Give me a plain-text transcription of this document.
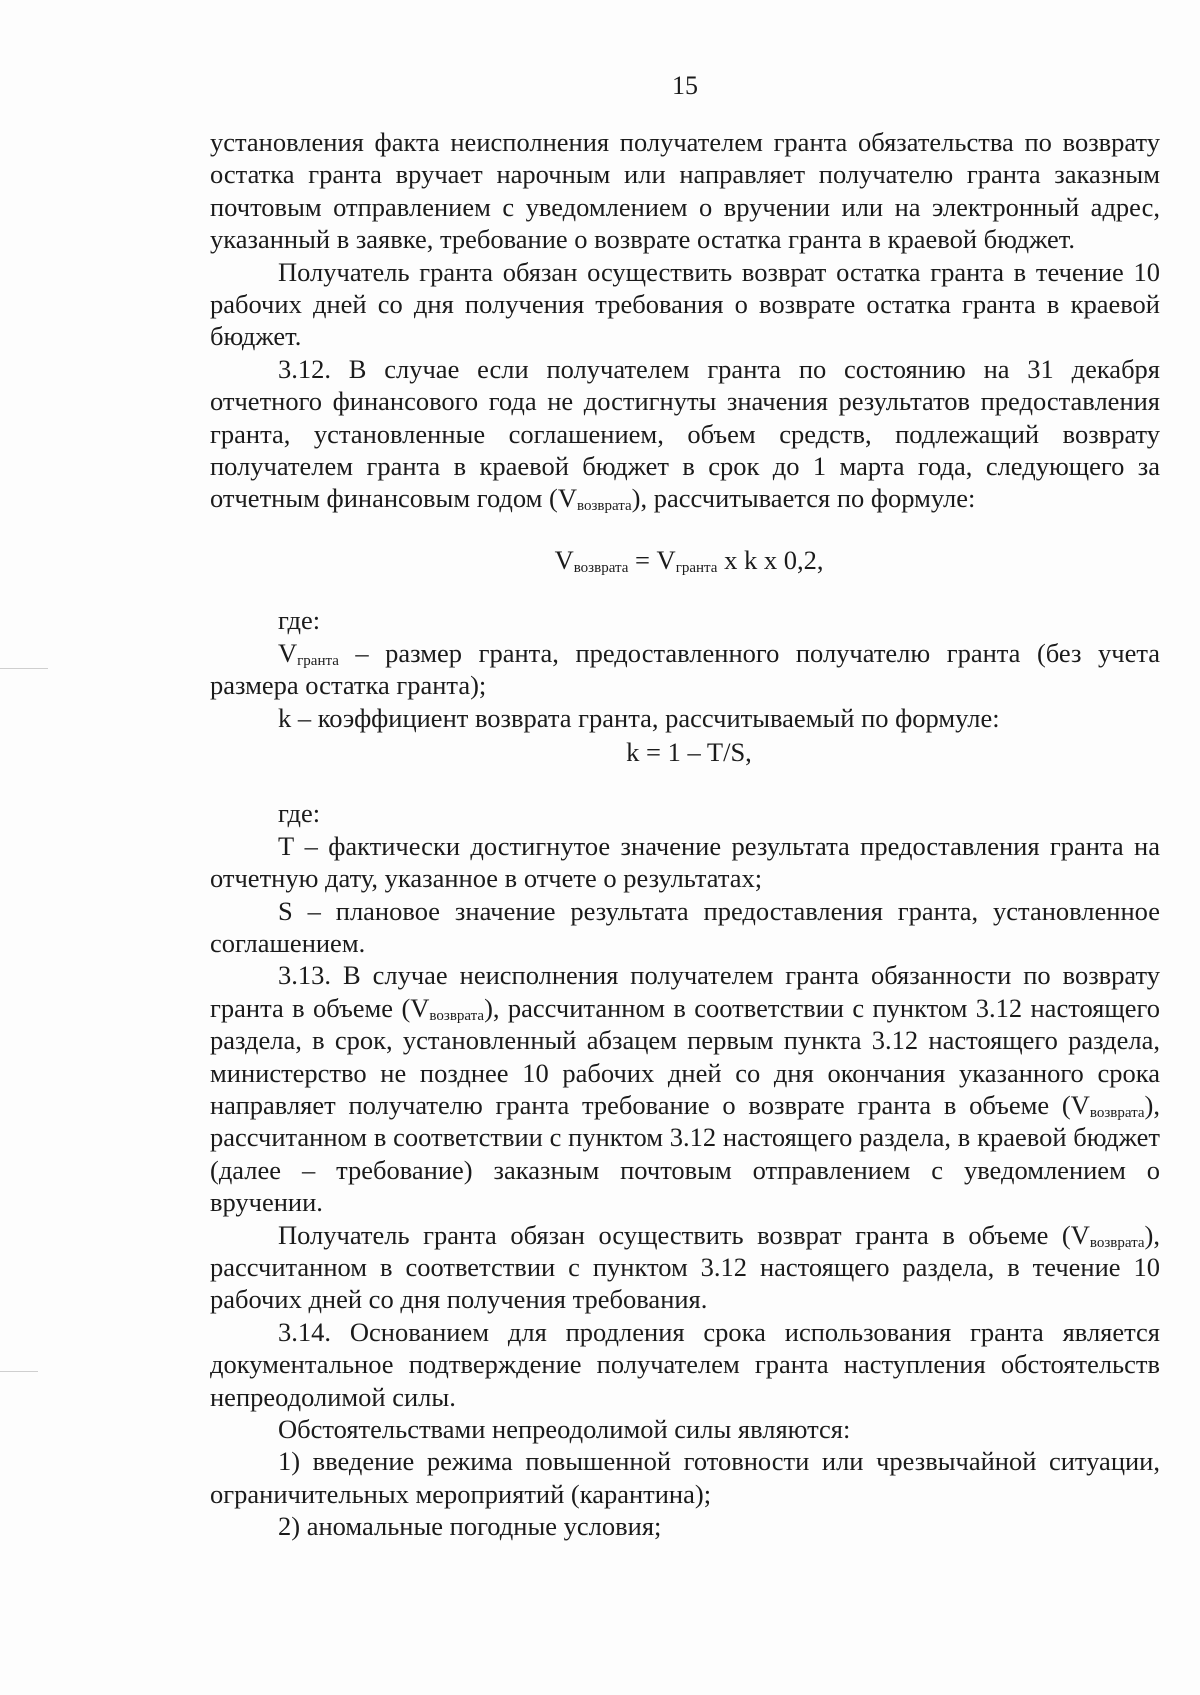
15

установления факта неисполнения получателем гранта обязательства по возврату остатка гранта вручает нарочным или направляет получателю гранта заказным почтовым отправлением с уведомлением о вручении или на электронный адрес, указанный в заявке, требование о возврате остатка гранта в краевой бюджет.

Получатель гранта обязан осуществить возврат остатка гранта в течение 10 рабочих дней со дня получения требования о возврате остатка гранта в краевой бюджет.

3.12. В случае если получателем гранта по состоянию на 31 декабря отчетного финансового года не достигнуты значения результатов предоставления гранта, установленные соглашением, объем средств, подлежащий возврату получателем гранта в краевой бюджет в срок до 1 марта года, следующего за отчетным финансовым годом $(V_{возврата})$, рассчитывается по формуле:

$V_{возврата} = V_{гранта}$ x k x 0,2,

где:

$V_{гранта}$ – размер гранта, предоставленного получателю гранта (без учета размера остатка гранта);

k – коэффициент возврата гранта, рассчитываемый по формуле:

k = 1 – T/S,

где:

Т – фактически достигнутое значение результата предоставления гранта на отчетную дату, указанное в отчете о результатах;

S – плановое значение результата предоставления гранта, установленное соглашением.

3.13. В случае неисполнения получателем гранта обязанности по возврату гранта в объеме $(V_{возврата})$, рассчитанном в соответствии с пунктом 3.12 настоящего раздела, в срок, установленный абзацем первым пункта 3.12 настоящего раздела, министерство не позднее 10 рабочих дней со дня окончания указанного срока направляет получателю гранта требование о возврате гранта в объеме $(V_{возврата})$, рассчитанном в соответствии с пунктом 3.12 настоящего раздела, в краевой бюджет (далее – требование) заказным почтовым отправлением с уведомлением о вручении.

Получатель гранта обязан осуществить возврат гранта в объеме $(V_{возврата})$, рассчитанном в соответствии с пунктом 3.12 настоящего раздела, в течение 10 рабочих дней со дня получения требования.

3.14. Основанием для продления срока использования гранта является документальное подтверждение получателем гранта наступления обстоятельств непреодолимой силы.

Обстоятельствами непреодолимой силы являются:

1) введение режима повышенной готовности или чрезвычайной ситуации, ограничительных мероприятий (карантина);

2) аномальные погодные условия;
